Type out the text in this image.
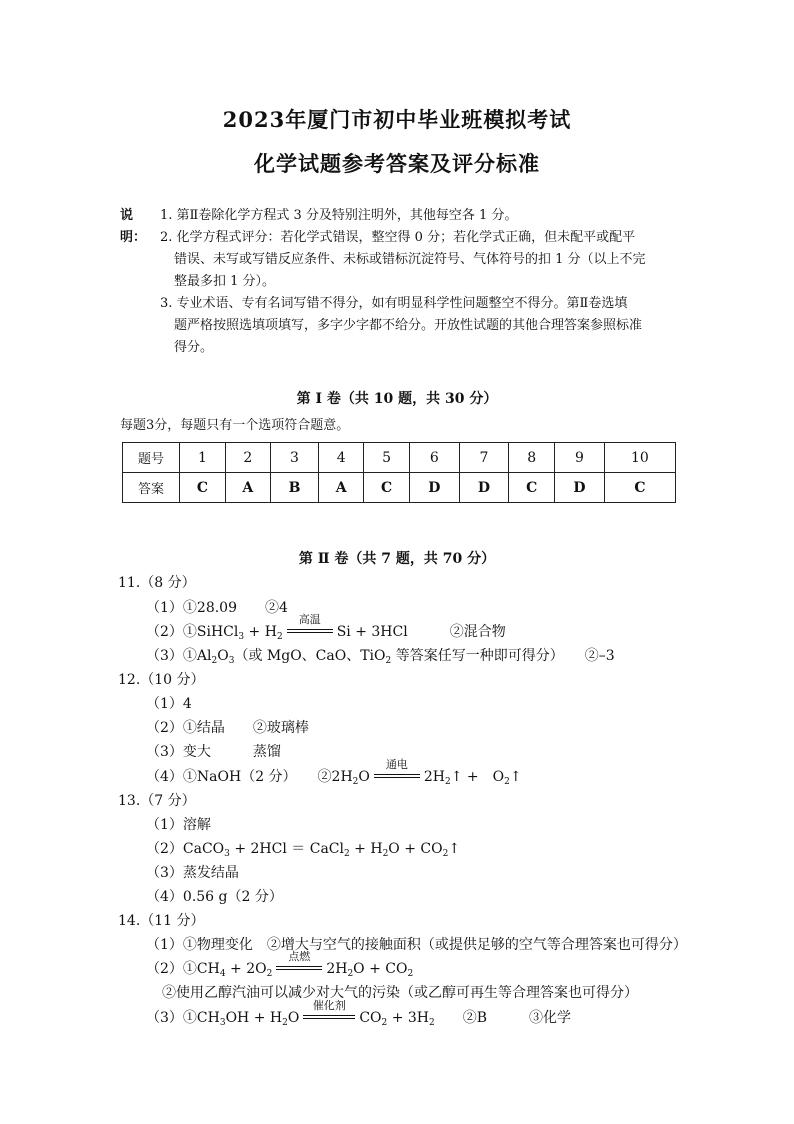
2023年厦门市初中毕业班模拟考试
化学试题参考答案及评分标准
说明：
1. 第Ⅱ卷除化学方程式 3 分及特别注明外，其他每空各 1 分。
2. 化学方程式评分：若化学式错误，整空得 0 分；若化学式正确，但未配平或配平
错误、未写或写错反应条件、未标或错标沉淀符号、气体符号的扣 1 分（以上不完
整最多扣 1 分）。
3. 专业术语、专有名词写错不得分，如有明显科学性问题整空不得分。第Ⅱ卷选填
题严格按照选填项填写，多字少字都不给分。开放性试题的其他合理答案参照标准
得分。
第 Ⅰ 卷（共 10 题，共 30 分）
每题3分，每题只有一个选项符合题意。
题号	1	2	3	4	5	6	7	8	9	10
答案	C	A	B	A	C	D	D	C	D	C
第 Ⅱ 卷（共 7 题，共 70 分）
11.（8 分）
（1）①28.09　　②4
（2）①SiHCl$_3$ + $H_2$
高温
Si + 3HCl　　　②混合物
$(3)①Al_2O_3$（或 MgO、CaO、TiO$_2$ 等答案任写一种即可得分）　　②–3
12.（10 分）
（1）4
（2）①结晶　　②玻璃棒
（3）变大　　　蒸馏
（4）①NaOH（2 分）　　$②2H_2O$
通电
$2H_2↑$ +　$O_2↑$
13.（7 分）
（1）溶解
（2）CaCO$_3$ + 2HCl ＝ CaCl$_2$ + $H_2O$ + $CO_2↑$
（3）蒸发结晶
（4）0.56 g（2 分）
14.（11 分）
（1）①物理变化　②增大与空气的接触面积（或提供足够的空气等合理答案也可得分）
$(2)①CH_4 + 2O_2$
点燃
$2H_2O + CO_2$
②使用乙醇汽油可以减少对大气的污染（或乙醇可再生等合理答案也可得分）
$(3)①CH_3OH + H_2O$
催化剂
$CO_2 + 3H_2$　　②B　　　③化学
